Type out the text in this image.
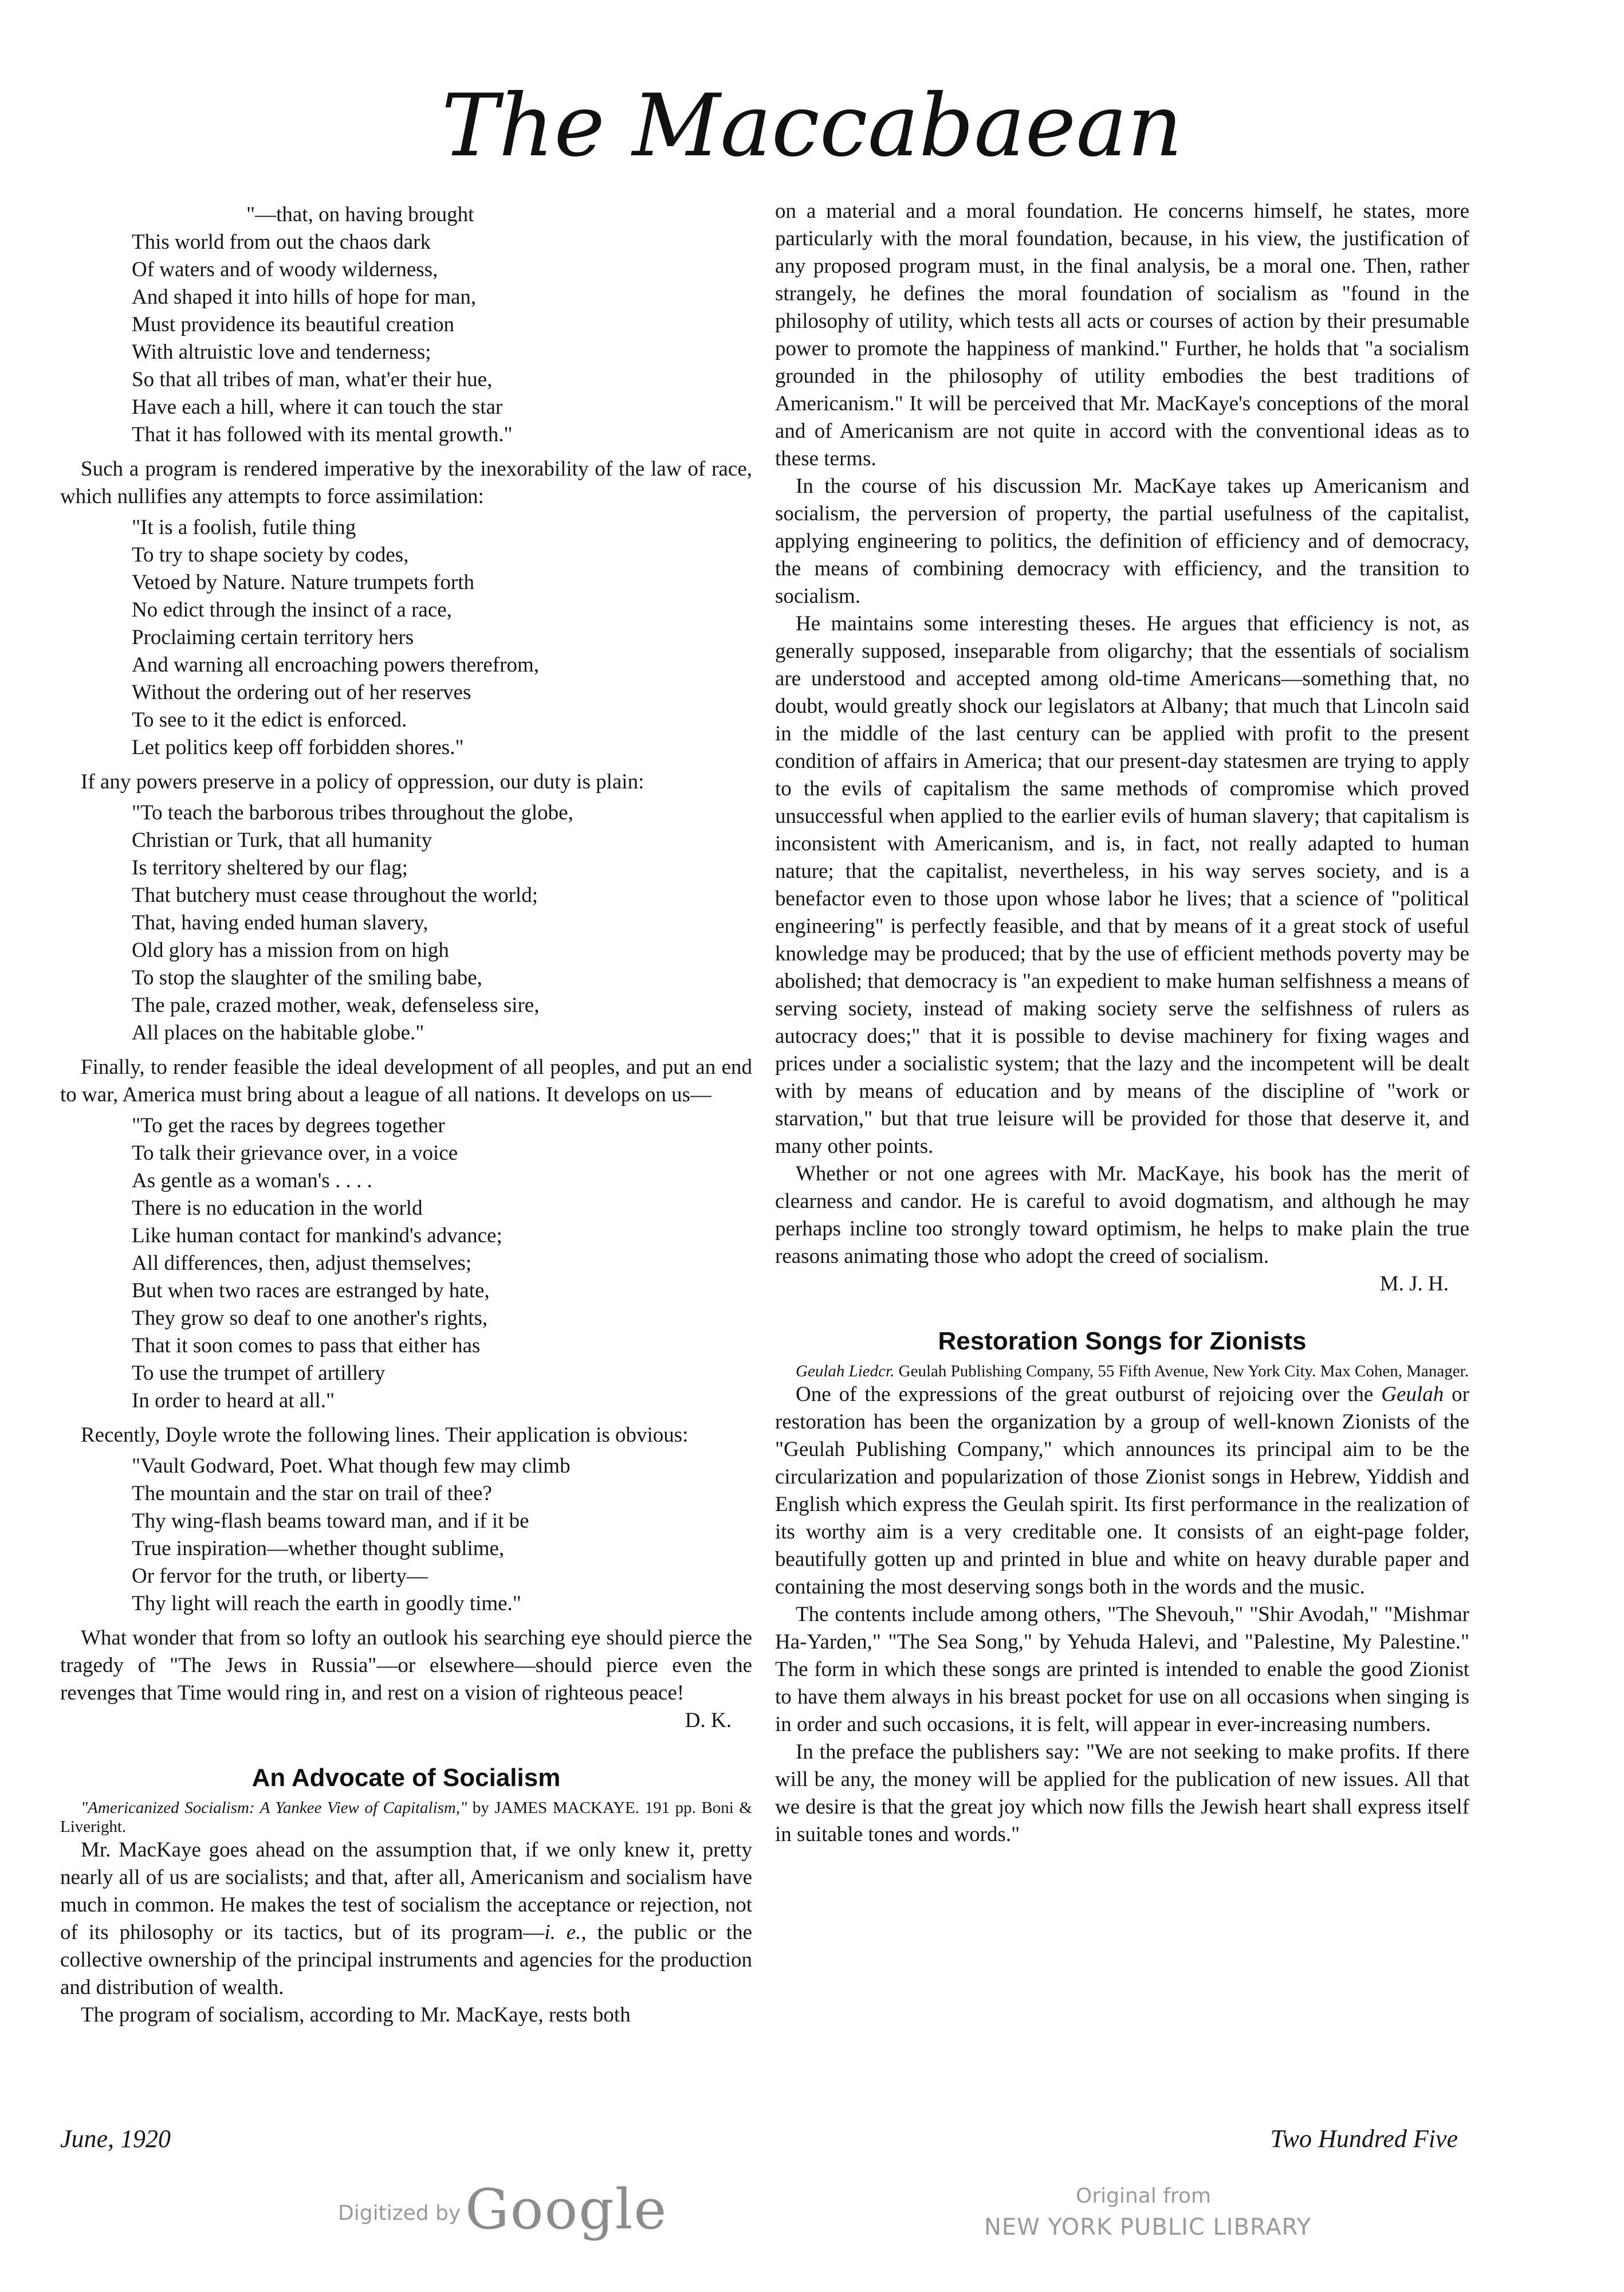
The Maccabaean
"—that, on having brought
This world from out the chaos dark
Of waters and of woody wilderness,
And shaped it into hills of hope for man,
Must providence its beautiful creation
With altruistic love and tenderness;
So that all tribes of man, what'er their hue,
Have each a hill, where it can touch the star
That it has followed with its mental growth."

Such a program is rendered imperative by the inexorability of the law of race, which nullifies any attempts to force assimilation:

"It is a foolish, futile thing
To try to shape society by codes,
Vetoed by Nature. Nature trumpets forth
No edict through the insinct of a race,
Proclaiming certain territory hers
And warning all encroaching powers therefrom,
Without the ordering out of her reserves
To see to it the edict is enforced.
Let politics keep off forbidden shores."

If any powers preserve in a policy of oppression, our duty is plain:

"To teach the barborous tribes throughout the globe,
Christian or Turk, that all humanity
Is territory sheltered by our flag;
That butchery must cease throughout the world;
That, having ended human slavery,
Old glory has a mission from on high
To stop the slaughter of the smiling babe,
The pale, crazed mother, weak, defenseless sire,
All places on the habitable globe."

Finally, to render feasible the ideal development of all peoples, and put an end to war, America must bring about a league of all nations. It develops on us—

"To get the races by degrees together
To talk their grievance over, in a voice
As gentle as a woman's . . . .
There is no education in the world
Like human contact for mankind's advance;
All differences, then, adjust themselves;
But when two races are estranged by hate,
They grow so deaf to one another's rights,
That it soon comes to pass that either has
To use the trumpet of artillery
In order to heard at all."

Recently, Doyle wrote the following lines. Their application is obvious:

"Vault Godward, Poet. What though few may climb
The mountain and the star on trail of thee?
Thy wing-flash beams toward man, and if it be
True inspiration—whether thought sublime,
Or fervor for the truth, or liberty—
Thy light will reach the earth in goodly time."

What wonder that from so lofty an outlook his searching eye should pierce the tragedy of "The Jews in Russia"—or elsewhere—should pierce even the revenges that Time would ring in, and rest on a vision of righteous peace!

D. K.
An Advocate of Socialism

"Americanized Socialism: A Yankee View of Capitalism," by JAMES MACKAYE. 191 pp. Boni & Liveright.

Mr. MacKaye goes ahead on the assumption that, if we only knew it, pretty nearly all of us are socialists; and that, after all, Americanism and socialism have much in common. He makes the test of socialism the acceptance or rejection, not of its philosophy or its tactics, but of its program—i. e., the public or the collective ownership of the principal instruments and agencies for the production and distribution of wealth.

The program of socialism, according to Mr. MacKaye, rests both

on a material and a moral foundation. He concerns himself, he states, more particularly with the moral foundation, because, in his view, the justification of any proposed program must, in the final analysis, be a moral one. Then, rather strangely, he defines the moral foundation of socialism as "found in the philosophy of utility, which tests all acts or courses of action by their presumable power to promote the happiness of mankind." Further, he holds that "a socialism grounded in the philosophy of utility embodies the best traditions of Americanism." It will be perceived that Mr. MacKaye's conceptions of the moral and of Americanism are not quite in accord with the conventional ideas as to these terms.

In the course of his discussion Mr. MacKaye takes up Americanism and socialism, the perversion of property, the partial usefulness of the capitalist, applying engineering to politics, the definition of efficiency and of democracy, the means of combining democracy with efficiency, and the transition to socialism.

He maintains some interesting theses. He argues that efficiency is not, as generally supposed, inseparable from oligarchy; that the essentials of socialism are understood and accepted among old-time Americans—something that, no doubt, would greatly shock our legislators at Albany; that much that Lincoln said in the middle of the last century can be applied with profit to the present condition of affairs in America; that our present-day statesmen are trying to apply to the evils of capitalism the same methods of compromise which proved unsuccessful when applied to the earlier evils of human slavery; that capitalism is inconsistent with Americanism, and is, in fact, not really adapted to human nature; that the capitalist, nevertheless, in his way serves society, and is a benefactor even to those upon whose labor he lives; that a science of "political engineering" is perfectly feasible, and that by means of it a great stock of useful knowledge may be produced; that by the use of efficient methods poverty may be abolished; that democracy is "an expedient to make human selfishness a means of serving society, instead of making society serve the selfishness of rulers as autocracy does;" that it is possible to devise machinery for fixing wages and prices under a socialistic system; that the lazy and the incompetent will be dealt with by means of education and by means of the discipline of "work or starvation," but that true leisure will be provided for those that deserve it, and many other points.

Whether or not one agrees with Mr. MacKaye, his book has the merit of clearness and candor. He is careful to avoid dogmatism, and although he may perhaps incline too strongly toward optimism, he helps to make plain the true reasons animating those who adopt the creed of socialism.

M. J. H.
Restoration Songs for Zionists

Geulah Liedcr. Geulah Publishing Company, 55 Fifth Avenue, New York City. Max Cohen, Manager.

One of the expressions of the great outburst of rejoicing over the Geulah or restoration has been the organization by a group of well-known Zionists of the "Geulah Publishing Company," which announces its principal aim to be the circularization and popularization of those Zionist songs in Hebrew, Yiddish and English which express the Geulah spirit. Its first performance in the realization of its worthy aim is a very creditable one. It consists of an eight-page folder, beautifully gotten up and printed in blue and white on heavy durable paper and containing the most deserving songs both in the words and the music.

The contents include among others, "The Shevouh," "Shir Avodah," "Mishmar Ha-Yarden," "The Sea Song," by Yehuda Halevi, and "Palestine, My Palestine." The form in which these songs are printed is intended to enable the good Zionist to have them always in his breast pocket for use on all occasions when singing is in order and such occasions, it is felt, will appear in ever-increasing numbers.

In the preface the publishers say: "We are not seeking to make profits. If there will be any, the money will be applied for the publication of new issues. All that we desire is that the great joy which now fills the Jewish heart shall express itself in suitable tones and words."

June, 1920	Two Hundred Five
Digitized by Google	Original from
NEW YORK PUBLIC LIBRARY
